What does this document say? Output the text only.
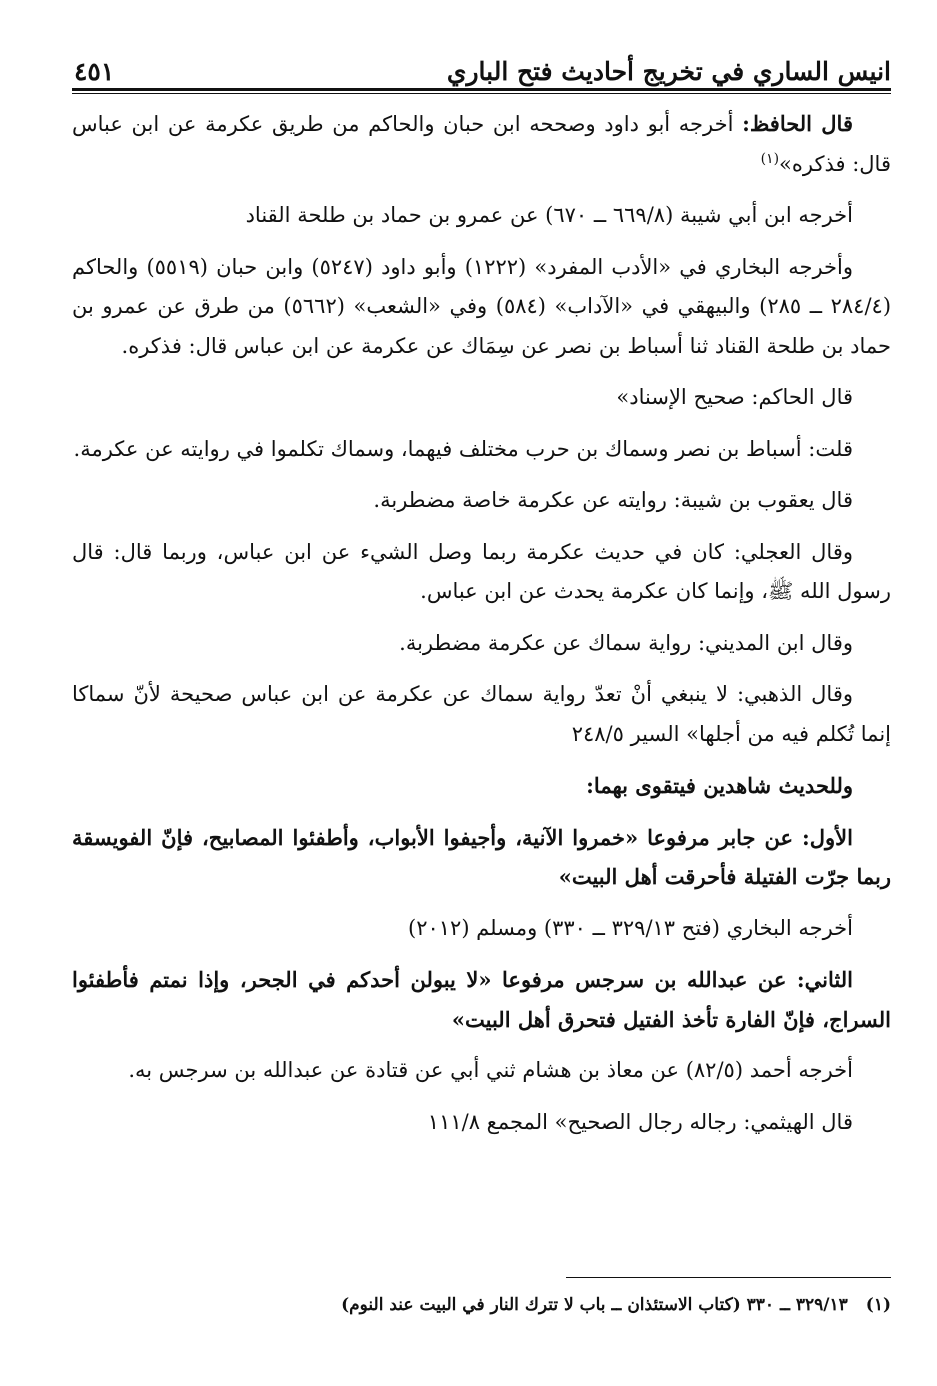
انيس الساري في تخريج أحاديث فتح الباري
٤٥١

قال الحافظ: أخرجه أبو داود وصححه ابن حبان والحاكم من طريق عكرمة عن ابن عباس قال: فذكره»$^{(١)}$

أخرجه ابن أبي شيبة (٦٦٩/٨ ــ ٦٧٠) عن عمرو بن حماد بن طلحة القناد

وأخرجه البخاري في «الأدب المفرد» (١٢٢٢) وأبو داود (٥٢٤٧) وابن حبان (٥٥١٩) والحاكم (٢٨٤/٤ ــ ٢٨٥) والبيهقي في «الآداب» (٥٨٤) وفي «الشعب» (٥٦٦٢) من طرق عن عمرو بن حماد بن طلحة القناد ثنا أسباط بن نصر عن سِمَاك عن عكرمة عن ابن عباس قال: فذكره.

قال الحاكم: صحيح الإسناد»

قلت: أسباط بن نصر وسماك بن حرب مختلف فيهما، وسماك تكلموا في روايته عن عكرمة.

قال يعقوب بن شيبة: روايته عن عكرمة خاصة مضطربة.

وقال العجلي: كان في حديث عكرمة ربما وصل الشيء عن ابن عباس، وربما قال: قال رسول الله ﷺ، وإنما كان عكرمة يحدث عن ابن عباس.

وقال ابن المديني: رواية سماك عن عكرمة مضطربة.

وقال الذهبي: لا ينبغي أنْ تعدّ رواية سماك عن عكرمة عن ابن عباس صحيحة لأنّ سماكا إنما تُكلم فيه من أجلها» السير ٢٤٨/٥

وللحديث شاهدين فيتقوى بهما:

الأول: عن جابر مرفوعا «خمروا الآنية، وأجيفوا الأبواب، وأطفئوا المصابيح، فإنّ الفويسقة ربما جرّت الفتيلة فأحرقت أهل البيت»

أخرجه البخاري (فتح ٣٢٩/١٣ ــ ٣٣٠) ومسلم (٢٠١٢)

الثاني: عن عبدالله بن سرجس مرفوعا «لا يبولن أحدكم في الجحر، وإذا نمتم فأطفئوا السراج، فإنّ الفارة تأخذ الفتيل فتحرق أهل البيت»

أخرجه أحمد (٨٢/٥) عن معاذ بن هشام ثني أبي عن قتادة عن عبدالله بن سرجس به.

قال الهيثمي: رجاله رجال الصحيح» المجمع ١١١/٨

(١)٣٢٩/١٣ ــ ٣٣٠ (كتاب الاستئذان ــ باب لا تترك النار في البيت عند النوم)
